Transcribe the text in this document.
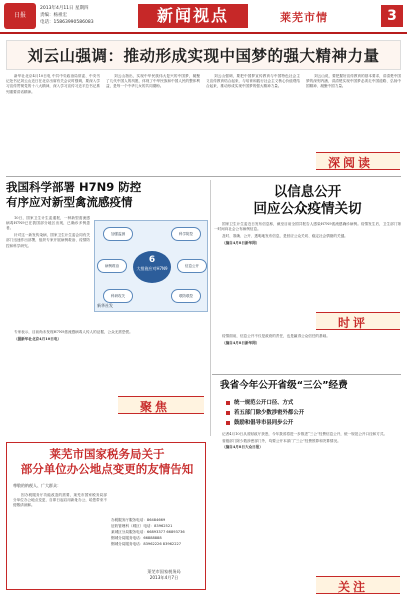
日报
2013年4月11日 星期四
责编：杨祖宏
电话：15863990586083	新闻视点	莱芜市情	3
刘云山强调：推动形成实现中国梦的强大精神力量

新华社北京4月10日电 中共中央政治局常委、中央书记处书记刘云山近日在北京出席有关会议时强调，要深入学习宣传贯彻党的十八大精神，深入学习宣传习近平总书记系列重要讲话精神。

刘云山指出，实现中华民族伟大复兴的中国梦，凝聚了几代中国人的夙愿，体现了中华民族和中国人民的整体利益，是每一个中华儿女的共同期盼。

刘云山强调，要把中国梦宣传教育与中国特色社会主义宣传教育结合起来，与培育和践行社会主义核心价值观结合起来，推动形成实现中国梦的强大精神力量。

刘云山说，要把握好宣传教育的基本要求，讲清楚中国梦的深刻内涵，讲清楚实现中国梦必须走中国道路、弘扬中国精神、凝聚中国力量。

深阅读
我国科学部署 H7N9 防控
有序应对新型禽流感疫情

10日，国家卫生计生委通报，一种新型禽流感病毒H7N9已在我国部分地区出现，已确诊多例患者。

针对这一新发传染病，国家卫生计生委会同有关部门迅速作出部署，组织专家开展病例救治、疫情防控和科学研究。

加强监测	科学防控
病例救治	信息公开
科研攻关	联防联控
6
大措施应对H7N9
新华社发

专家表示，目前尚未发现H7N9禽流感病毒人传人的证据，公众无需恐慌。

（据新华社北京4月10日电）

聚焦
以信息公开
回应公众疫情关切

国家卫生计生委近日发布信息称，截至目前全国共报告人感染H7N9禽流感确诊病例。疫情发生后，卫生部门第一时间向社会公布病例信息。

及时、准确、公开、透明地发布信息，是回应公众关切、稳定社会情绪的关键。

（摘自4月8日新华网）

时评

疫情面前，信息公开不仅是政府的责任，也是赢得公众信任的基础。

（摘自4月8日新华网）

我省今年公开省级“三公”经费
统一规范公开口径、方式
若五部门除少数涉密外都公开
鼓励和倡导市县同步公开

记者4月10日从省财政厅获悉，今年我省将进一步推进“三公”经费信息公开，统一规范公开口径和方式。

省级部门除少数涉密部门外，均要公开本部门“三公”经费预算和决算情况。

（摘自4月8日大众日报）

关注
莱芜市国家税务局关于
部分单位办公地点变更的友情告知
尊敬的纳税人、广大群众：

因办税服务厅功能改造的需要，莱芜市国家税务局部分单位办公地点变更，自即日起启用新址办公，给您带来不便敬请谅解。

办税服务厅服务电话：86484669
征收管理科（城区）电话：83962521
莱城区分局服务电话：66893377 66893736
钢城分局服务电话：66888888
钢城分局服务电话：83962226 83962227
莱芜市国家税务局
2013年4月7日
